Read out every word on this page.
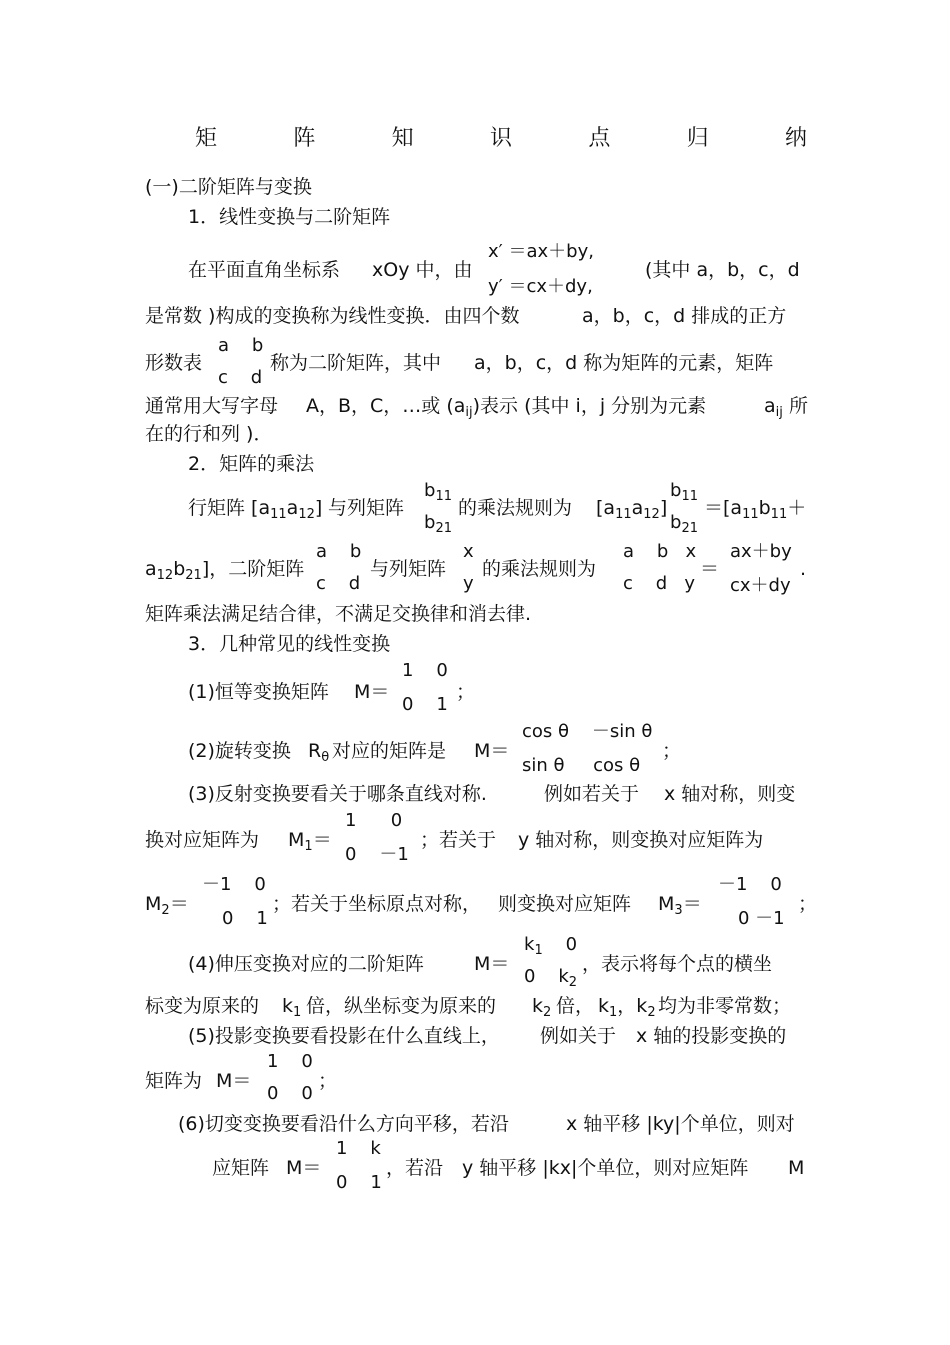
矩	阵	知	识	点	归	纳
(一)二阶矩阵与变换
1．线性变换与二阶矩阵
在平面直角坐标系 xOy 中，由
x′ ＝ax＋by,
y′ ＝cx＋dy,
(其中 a，b，c，d
是常数 )构成的变换称为线性变换．由四个数	a，b，c，d 排成的正方
形数表
a    b
c    d
称为二阶矩阵，其中 a，b，c，d 称为矩阵的元素，矩阵
通常用大写字母 A，B，C，…或 $(a_{ij})$表示 (其中 i，j 分别为元素	$a_{ij}$ 所
在的行和列 )．
2．矩阵的乘法
行矩阵 $[a_{11}a_{12}]$ 与列矩阵
$b_{11}$
$b_{21}$
的乘法规则为 $[a_{11}a_{12}]$
$b_{11}$
$b_{21}$
$=[a_{11}b_{11}+$
$a_{12}b_{21}$]，二阶矩阵
a    b
c    d
与列矩阵
x
y
的乘法规则为
a    b   x
c    d   y
＝
ax＋by
cx＋dy
.
矩阵乘法满足结合律，不满足交换律和消去律.
3．几种常见的线性变换
(1)恒等变换矩阵 M＝
1    0
0    1
；
(2)旋转变换 $R_\theta$ 对应的矩阵是 M＝
cos θ    －sin θ
sin θ     cos θ
；
(3)反射变换要看关于哪条直线对称.	例如若关于 x 轴对称，则变
换对应矩阵为 $M_1=$
1      0
0    －1
；若关于 y 轴对称，则变换对应矩阵为
$M_2=$
－1    0
0    1
；若关于坐标原点对称， 则变换对应矩阵 $M_3=$
－1    0
0 －1
；
(4)伸压变换对应的二阶矩阵	M＝
$k_1$    0
0    $k_2$
，表示将每个点的横坐
标变为原来的 $k_1$ 倍，纵坐标变为原来的 $k_2$ 倍， $k_1$，$k_2$ 均为非零常数；
(5)投影变换要看投影在什么直线上， 例如关于 x 轴的投影变换的
矩阵为 M＝
1    0
0    0
；
(6)切变变换要看沿什么方向平移，若沿	x 轴平移 |ky|个单位，则对
应矩阵 M＝
1    k
0    1
，若沿 y 轴平移 |kx|个单位，则对应矩阵 M
